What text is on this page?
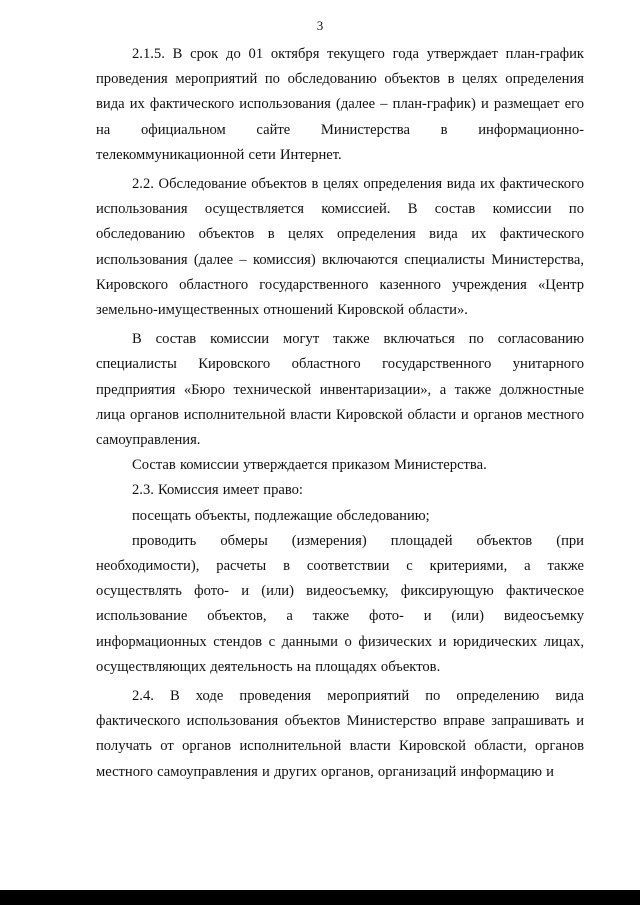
3

2.1.5. В срок до 01 октября текущего года утверждает план-график проведения мероприятий по обследованию объектов в целях определения вида их фактического использования (далее – план-график) и размещает его на официальном сайте Министерства в информационно-телекоммуникационной сети Интернет.

2.2. Обследование объектов в целях определения вида их фактического использования осуществляется комиссией. В состав комиссии по обследованию объектов в целях определения вида их фактического использования (далее – комиссия) включаются специалисты Министерства, Кировского областного государственного казенного учреждения «Центр земельно-имущественных отношений Кировской области».

В состав комиссии могут также включаться по согласованию специалисты Кировского областного государственного унитарного предприятия «Бюро технической инвентаризации», а также должностные лица органов исполнительной власти Кировской области и органов местного самоуправления.

Состав комиссии утверждается приказом Министерства.

2.3. Комиссия имеет право:

посещать объекты, подлежащие обследованию;

проводить обмеры (измерения) площадей объектов (при необходимости), расчеты в соответствии с критериями, а также осуществлять фото- и (или) видеосъемку, фиксирующую фактическое использование объектов, а также фото- и (или) видеосъемку информационных стендов с данными о физических и юридических лицах, осуществляющих деятельность на площадях объектов.

2.4. В ходе проведения мероприятий по определению вида фактического использования объектов Министерство вправе запрашивать и получать от органов исполнительной власти Кировской области, органов местного самоуправления и других органов, организаций информацию и
